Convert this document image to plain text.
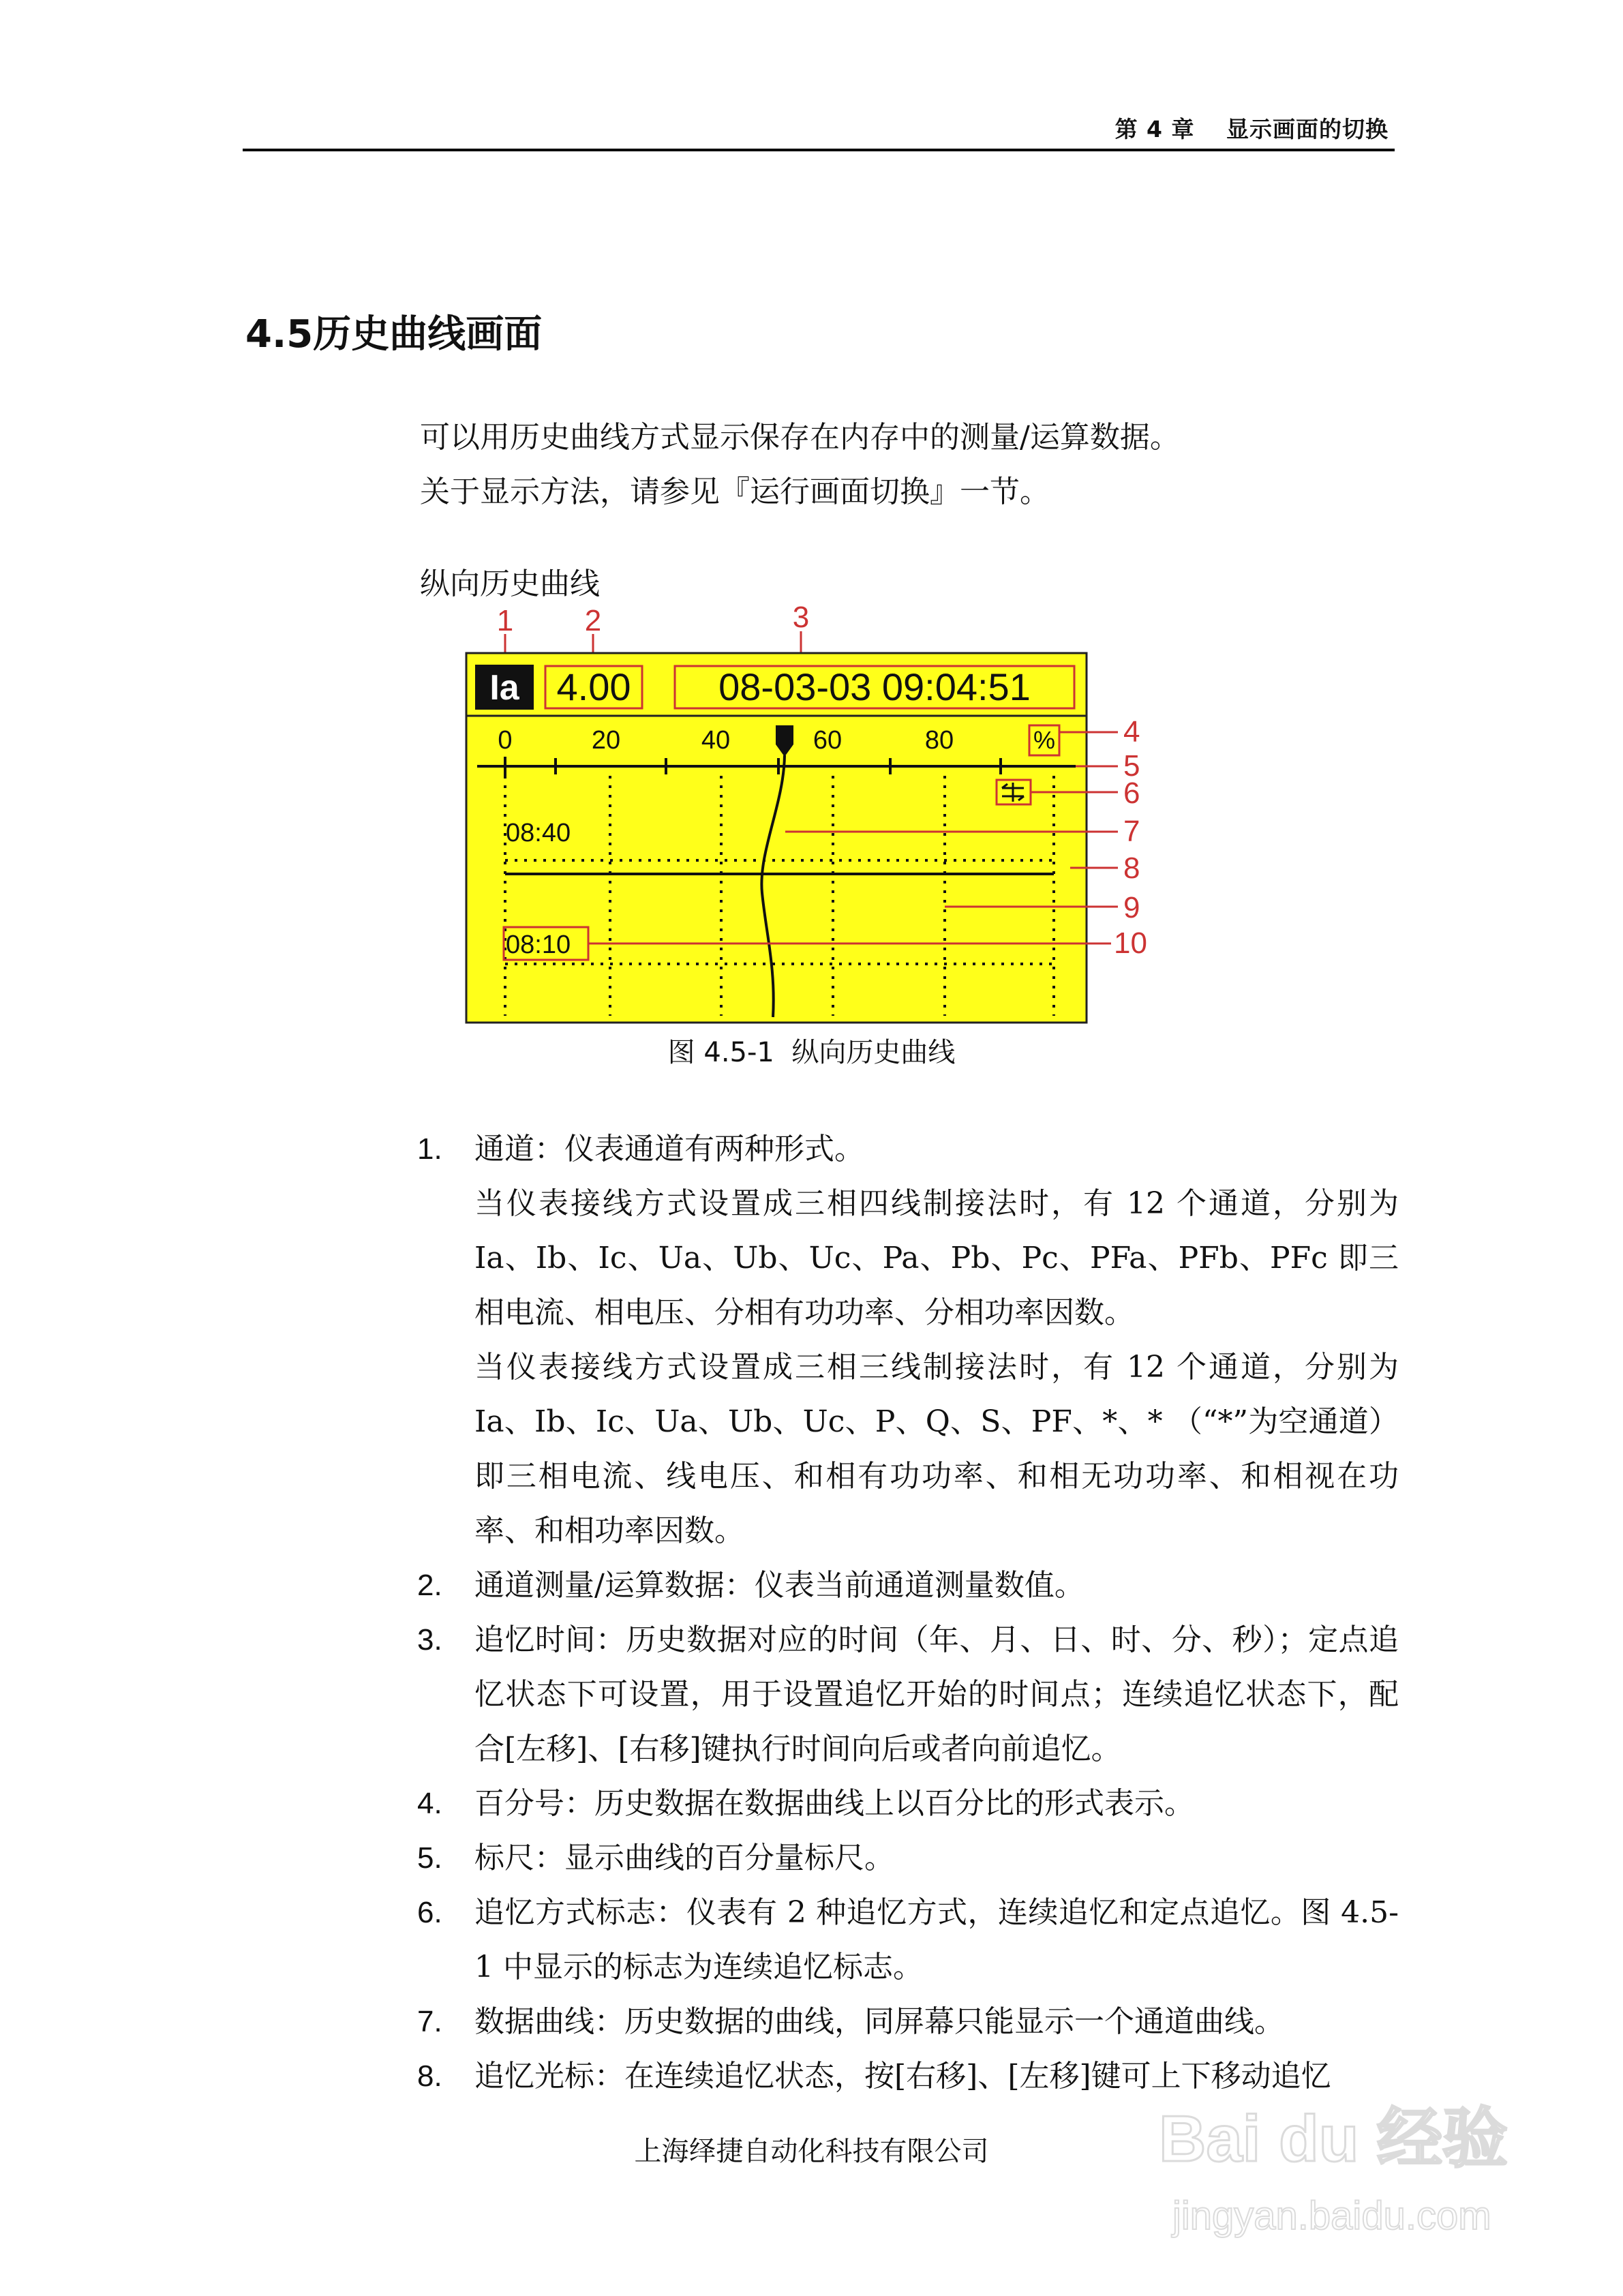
第 4 章　 显示画面的切换
4.5历史曲线画面
可以用历史曲线方式显示保存在内存中的测量/运算数据。
关于显示方法，请参见『运行画面切换』一节。
纵向历史曲线
1 2	3
Ia 4.00 08-03-03 09:04:51
0	20	40	60	80	%
08:40
08:10
4
5
6
7
8
9
10
图 4.5-1 纵向历史曲线
1. 通道：仪表通道有两种形式。
当仪表接线方式设置成三相四线制接法时，有 12 个通道，分别为 Ia、Ib、Ic、Ua、Ub、Uc、Pa、Pb、Pc、PFa、PFb、PFc 即三相电流、相电压、分相有功功率、分相功率因数。
当仪表接线方式设置成三相三线制接法时，有 12 个通道，分别为 Ia、Ib、Ic、Ua、Ub、Uc、P、Q、S、PF、*、* （“*”为空通道）即三相电流、线电压、和相有功功率、和相无功功率、和相视在功率、和相功率因数。
2. 通道测量/运算数据：仪表当前通道测量数值。
3. 追忆时间：历史数据对应的时间（年、月、日、时、分、秒）；定点追忆状态下可设置，用于设置追忆开始的时间点；连续追忆状态下，配合[左移]、[右移]键执行时间向后或者向前追忆。
4. 百分号：历史数据在数据曲线上以百分比的形式表示。
5. 标尺：显示曲线的百分量标尺。
6. 追忆方式标志：仪表有 2 种追忆方式，连续追忆和定点追忆。图 4.5-1 中显示的标志为连续追忆标志。
7. 数据曲线：历史数据的曲线，同屏幕只能显示一个通道曲线。
8. 追忆光标：在连续追忆状态，按[右移]、[左移]键可上下移动追忆
上海绎捷自动化科技有限公司	Bai du 经验
jingyan.baidu.com
